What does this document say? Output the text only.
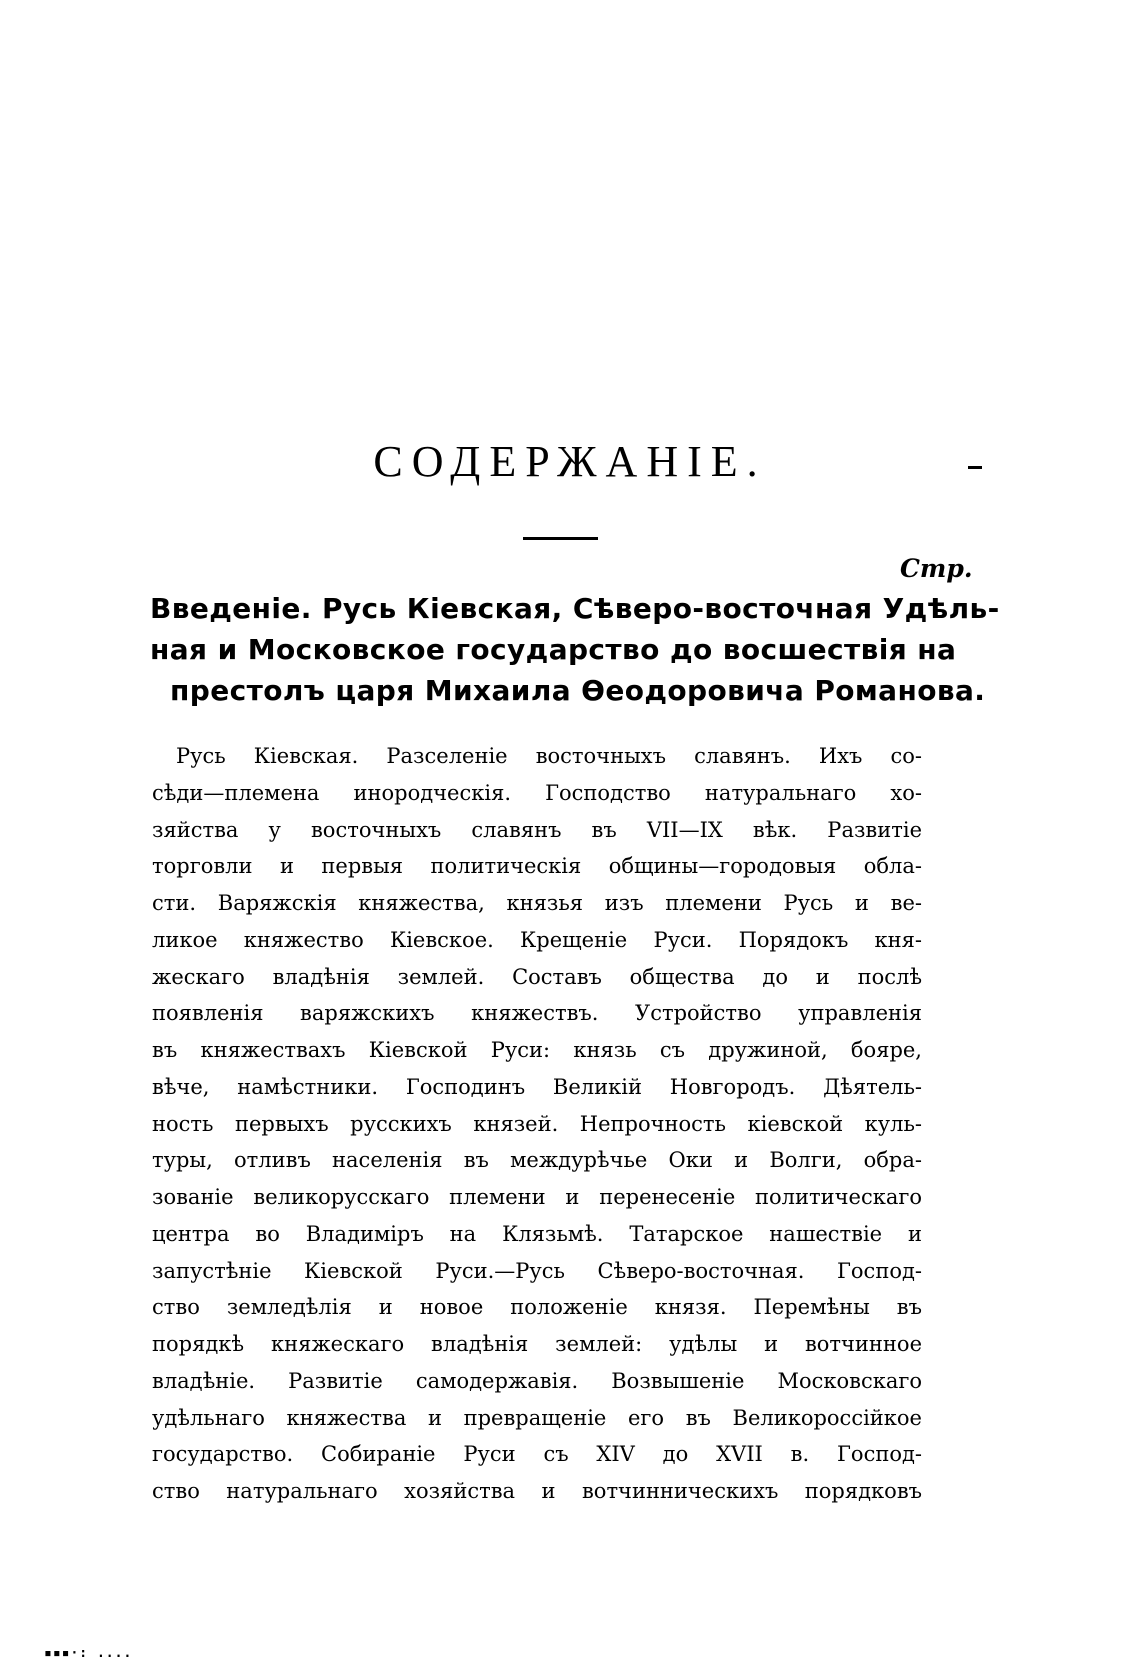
СОДЕРЖАНІЕ.
Стр.
Введеніе. Русь Кіевская, Сѣверо-восточная Удѣль-
ная и Московское государство до восшествія на
престолъ царя Михаила Өеодоровича Романова.
Русь Кіевская. Разселеніе восточныхъ славянъ. Ихъ со-
сѣди—племена инородческія. Господство натуральнаго хо-
зяйства у восточныхъ славянъ въ VII—IX вѣк. Развитіе
торговли и первыя политическія общины—городовыя обла-
сти. Варяжскія княжества, князья изъ племени Русь и ве-
ликое княжество Кіевское. Крещеніе Руси. Порядокъ кня-
жескаго владѣнія землей. Составъ общества до и послѣ
появленія варяжскихъ княжествъ. Устройство управленія
въ княжествахъ Кіевской Руси: князь съ дружиной, бояре,
вѣче, намѣстники. Господинъ Великій Новгородъ. Дѣятель-
ность первыхъ русскихъ князей. Непрочность кіевской куль-
туры, отливъ населенія въ междурѣчье Оки и Волги, обра-
зованіе великорусскаго племени и перенесеніе политическаго
центра во Владиміръ на Клязьмѣ. Татарское нашествіе и
запустѣніе Кіевской Руси.—Русь Сѣверо-восточная. Господ-
ство земледѣлія и новое положеніе князя. Перемѣны въ
порядкѣ княжескаго владѣнія землей: удѣлы и вотчинное
владѣніе. Развитіе самодержавія. Возвышеніе Московскаго
удѣльнаго княжества и превращеніе его въ Великороссійкое
государство. Собираніе Руси съ XIV до XVII в. Господ-
ство натуральнаго хозяйства и вотчинническихъ порядковъ
▪▪▪·: ....
